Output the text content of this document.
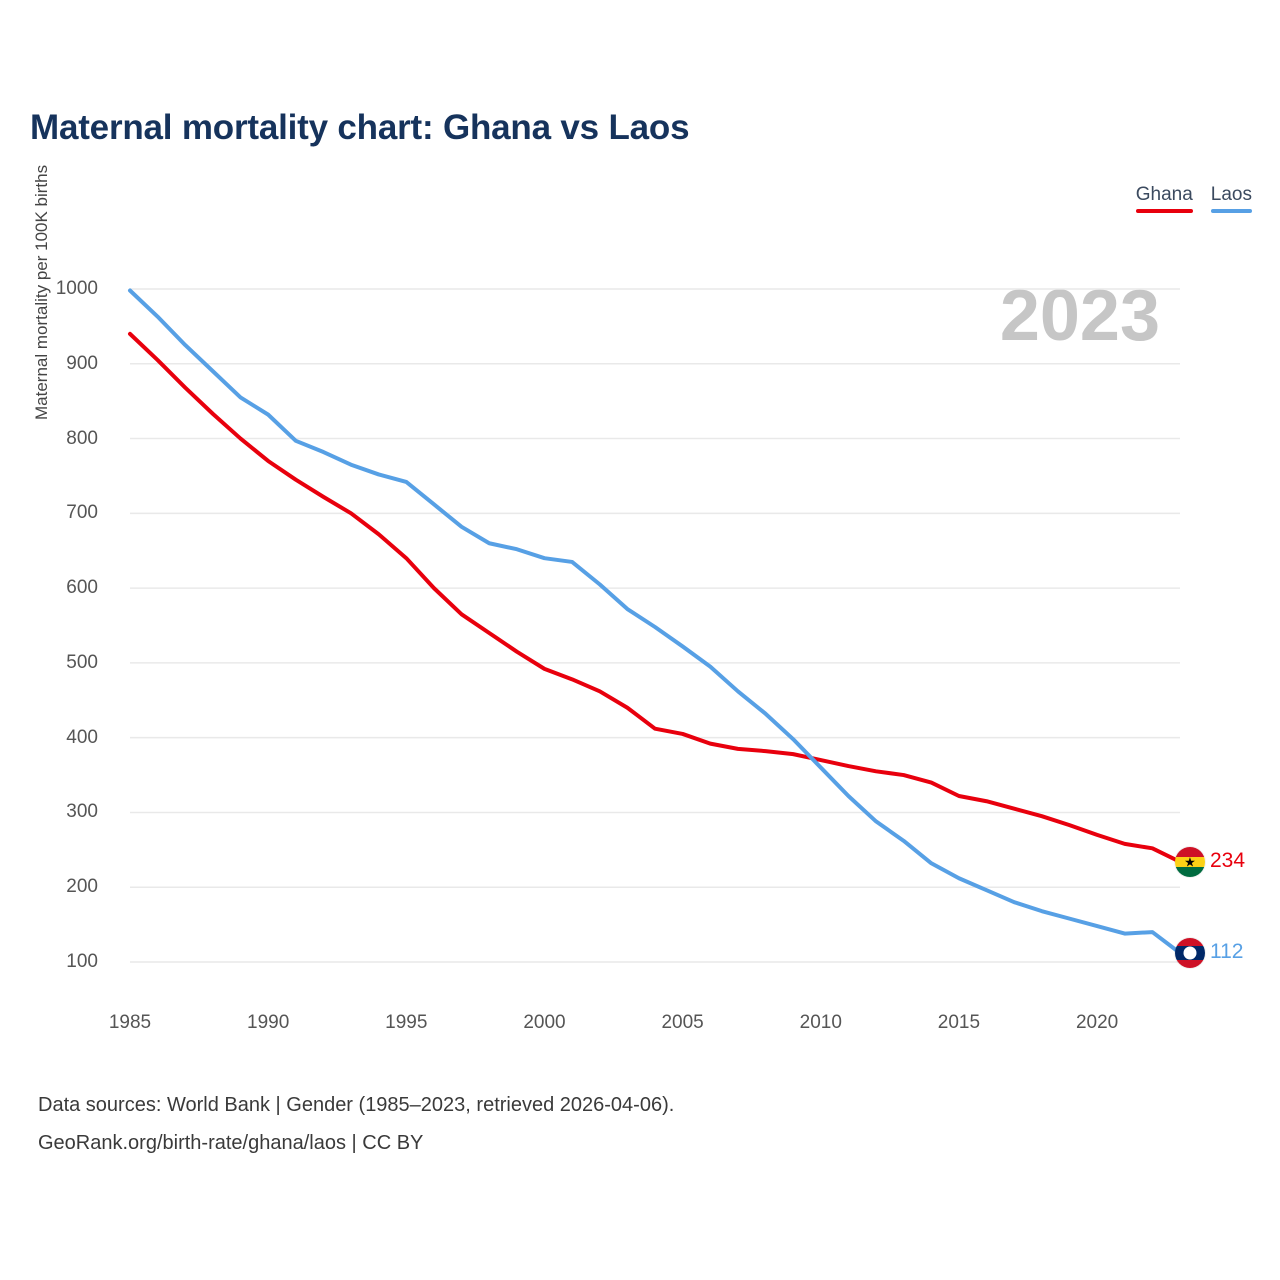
Maternal mortality chart: Ghana vs Laos
Ghana Laos
2023
Maternal mortality per 100K births
100
200
300
400
500
600
700
800
900
1000
1985	1990	1995	2000	2005	2010	2015	2020
★ 234
112
Data sources: World Bank | Gender (1985–2023, retrieved 2026-04-06).
GeoRank.org/birth-rate/ghana/laos | CC BY
